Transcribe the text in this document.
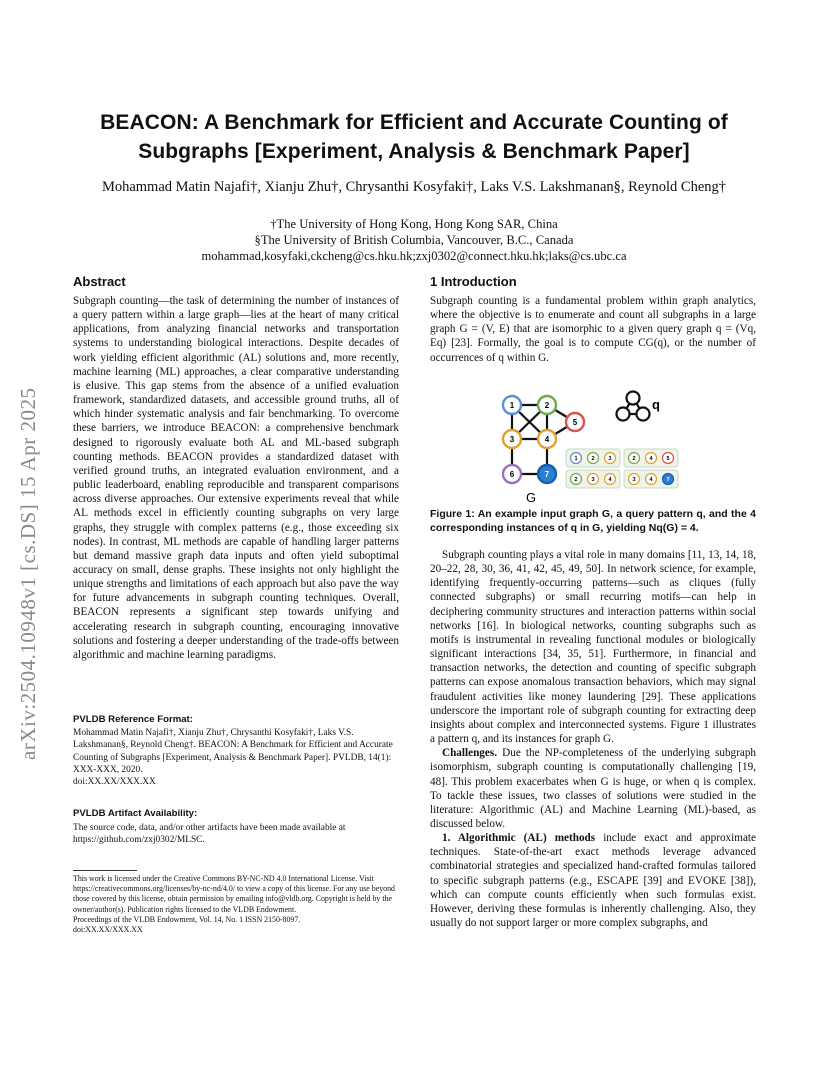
BEACON: A Benchmark for Efficient and Accurate Counting of Subgraphs [Experiment, Analysis & Benchmark Paper]
Mohammad Matin Najafi†, Xianju Zhu†, Chrysanthi Kosyfaki†, Laks V.S. Lakshmanan§, Reynold Cheng†
†The University of Hong Kong, Hong Kong SAR, China
§The University of British Columbia, Vancouver, B.C., Canada
mohammad,kosyfaki,ckcheng@cs.hku.hk;zxj0302@connect.hku.hk;laks@cs.ubc.ca
arXiv:2504.10948v1 [cs.DS] 15 Apr 2025
Abstract
Subgraph counting—the task of determining the number of instances of a query pattern within a large graph—lies at the heart of many critical applications, from analyzing financial networks and transportation systems to understanding biological interactions. Despite decades of work yielding efficient algorithmic (AL) solutions and, more recently, machine learning (ML) approaches, a clear comparative understanding is elusive. This gap stems from the absence of a unified evaluation framework, standardized datasets, and accessible ground truths, all of which hinder systematic analysis and fair benchmarking. To overcome these barriers, we introduce BEACON: a comprehensive benchmark designed to rigorously evaluate both AL and ML-based subgraph counting methods. BEACON provides a standardized dataset with verified ground truths, an integrated evaluation environment, and a public leaderboard, enabling reproducible and transparent comparisons across diverse approaches. Our extensive experiments reveal that while AL methods excel in efficiently counting subgraphs on very large graphs, they struggle with complex patterns (e.g., those exceeding six nodes). In contrast, ML methods are capable of handling larger patterns but demand massive graph data inputs and often yield suboptimal accuracy on small, dense graphs. These insights not only highlight the unique strengths and limitations of each approach but also pave the way for future advancements in subgraph counting techniques. Overall, BEACON represents a significant step towards unifying and accelerating research in subgraph counting, encouraging innovative solutions and fostering a deeper understanding of the trade-offs between algorithmic and machine learning paradigms.
PVLDB Reference Format:
Mohammad Matin Najafi†, Xianju Zhu†, Chrysanthi Kosyfaki†, Laks V.S. Lakshmanan§, Reynold Cheng†. BEACON: A Benchmark for Efficient and Accurate Counting of Subgraphs [Experiment, Analysis & Benchmark Paper]. PVLDB, 14(1): XXX-XXX, 2020.
doi:XX.XX/XXX.XX
PVLDB Artifact Availability:
The source code, data, and/or other artifacts have been made available at https://github.com/zxj0302/MLSC.
This work is licensed under the Creative Commons BY-NC-ND 4.0 International License. Visit https://creativecommons.org/licenses/by-nc-nd/4.0/ to view a copy of this license. For any use beyond those covered by this license, obtain permission by emailing info@vldb.org. Copyright is held by the owner/author(s). Publication rights licensed to the VLDB Endowment.
Proceedings of the VLDB Endowment, Vol. 14, No. 1 ISSN 2150-8097.
doi:XX.XX/XXX.XX
1 Introduction
Subgraph counting is a fundamental problem within graph analytics, where the objective is to enumerate and count all subgraphs in a large graph G = (V, E) that are isomorphic to a given query graph q = (Vq, Eq) [23]. Formally, the goal is to compute CG(q), or the number of occurrences of q within G.
1	2
3	4
5
6	7
G
q
1	2	3	2	4	5
2	3	4	3	4	7
Figure 1: An example input graph G, a query pattern q, and the 4 corresponding instances of q in G, yielding Nq(G) = 4.
Subgraph counting plays a vital role in many domains [11, 13, 14, 18, 20–22, 28, 30, 36, 41, 42, 45, 49, 50]. In network science, for example, identifying frequently-occurring patterns—such as cliques (fully connected subgraphs) or small recurring motifs—can help in deciphering community structures and interaction patterns within social networks [16]. In biological networks, counting subgraphs such as motifs is instrumental in revealing functional modules or biologically significant interactions [34, 35, 51]. Furthermore, in financial and transaction networks, the detection and counting of specific subgraph patterns can expose anomalous transaction behaviors, which may signal fraudulent activities like money laundering [29]. These applications underscore the important role of subgraph counting for extracting deep insights about complex and interconnected systems. Figure 1 illustrates a pattern q, and its instances for graph G.
Challenges. Due the NP-completeness of the underlying subgraph isomorphism, subgraph counting is computationally challenging [19, 48]. This problem exacerbates when G is huge, or when q is complex. To tackle these issues, two classes of solutions were studied in the literature: Algorithmic (AL) and Machine Learning (ML)-based, as discussed below.
1. Algorithmic (AL) methods include exact and approximate techniques. State-of-the-art exact methods leverage advanced combinatorial strategies and specialized hand-crafted formulas tailored to specific subgraph patterns (e.g., ESCAPE [39] and EVOKE [38]), which can compute counts efficiently when such formulas exist. However, deriving these formulas is inherently challenging. Also, they usually do not support larger or more complex subgraphs, and
